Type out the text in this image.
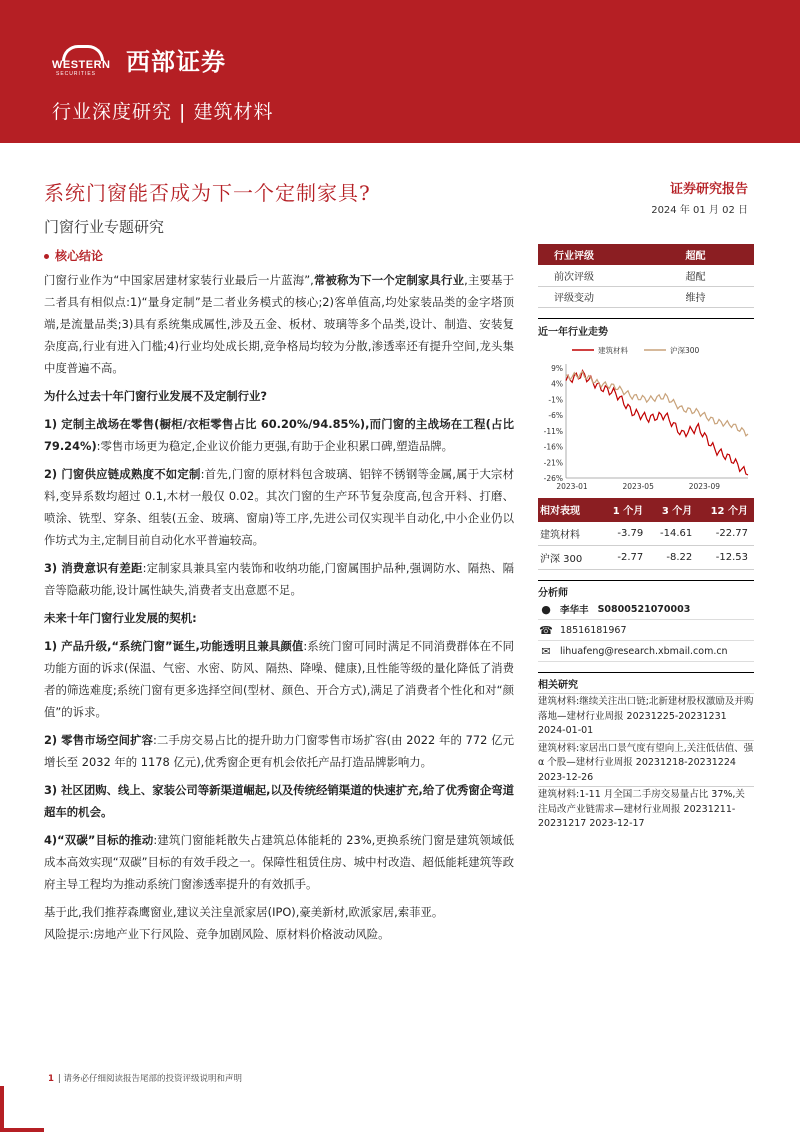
WESTERN
SECURITIES 西部证券
行业深度研究 | 建筑材料
系统门窗能否成为下一个定制家具?
门窗行业专题研究
证券研究报告
2024 年 01 月 02 日
核心结论

门窗行业作为“中国家居建材家装行业最后一片蓝海”,常被称为下一个定制家具行业,主要基于二者具有相似点:1)“量身定制”是二者业务模式的核心;2)客单值高,均处家装品类的金字塔顶端,是流量品类;3)具有系统集成属性,涉及五金、板材、玻璃等多个品类,设计、制造、安装复杂度高,行业有进入门槛;4)行业均处成长期,竞争格局均较为分散,渗透率还有提升空间,龙头集中度普遍不高。

为什么过去十年门窗行业发展不及定制行业?

1) 定制主战场在零售(橱柜/衣柜零售占比 60.20%/94.85%),而门窗的主战场在工程(占比 79.24%):零售市场更为稳定,企业议价能力更强,有助于企业积累口碑,塑造品牌。

2) 门窗供应链成熟度不如定制:首先,门窗的原材料包含玻璃、铝锌不锈钢等金属,属于大宗材料,变异系数均超过 0.1,木材一般仅 0.02。其次门窗的生产环节复杂度高,包含开料、打磨、喷涂、铣型、穿条、组装(五金、玻璃、窗扇)等工序,先进公司仅实现半自动化,中小企业仍以作坊式为主,定制目前自动化水平普遍较高。

3) 消费意识有差距:定制家具兼具室内装饰和收纳功能,门窗属围护品种,强调防水、隔热、隔音等隐蔽功能,设计属性缺失,消费者支出意愿不足。

未来十年门窗行业发展的契机:

1) 产品升级,“系统门窗”诞生,功能透明且兼具颜值:系统门窗可同时满足不同消费群体在不同功能方面的诉求(保温、气密、水密、防风、隔热、降噪、健康),且性能等级的量化降低了消费者的筛选难度;系统门窗有更多选择空间(型材、颜色、开合方式),满足了消费者个性化和对“颜值”的诉求。

2) 零售市场空间扩容:二手房交易占比的提升助力门窗零售市场扩容(由 2022 年的 772 亿元增长至 2032 年的 1178 亿元),优秀窗企更有机会依托产品打造品牌影响力。

3) 社区团购、线上、家装公司等新渠道崛起,以及传统经销渠道的快速扩充,给了优秀窗企弯道超车的机会。

4)“双碳”目标的推动:建筑门窗能耗散失占建筑总体能耗的 23%,更换系统门窗是建筑领域低成本高效实现“双碳”目标的有效手段之一。保障性租赁住房、城中村改造、超低能耗建筑等政府主导工程均为推动系统门窗渗透率提升的有效抓手。

基于此,我们推荐森鹰窗业,建议关注皇派家居(IPO),豪美新材,欧派家居,索菲亚。

风险提示:房地产业下行风险、竞争加剧风险、原材料价格波动风险。

行业评级	超配
前次评级	超配
评级变动	维持
近一年行业走势
9%
4%
-1%
-6%
-11%
-16%
-21%
-26%
2023-01	2023-05	2023-09
建筑材料	沪深300
相对表现	1 个月	3 个月	12 个月
建筑材料	-3.79	-14.61	-22.77
沪深 300	-2.77	-8.22	-12.53
分析师
● 李华丰
S0800521070003
☎ 18516181967
✉ lihuafeng@research.xbmail.com.cn
相关研究
建筑材料:继续关注出口链;北新建材股权激励及并购落地—建材行业周报 20231225-20231231 2024-01-01
建筑材料:家居出口景气度有望向上,关注低估值、强 α 个股—建材行业周报 20231218-20231224 2023-12-26
建筑材料:1-11 月全国二手房交易量占比 37%,关注局改产业链需求—建材行业周报 20231211-20231217 2023-12-17
1 | 请务必仔细阅读报告尾部的投资评级说明和声明
